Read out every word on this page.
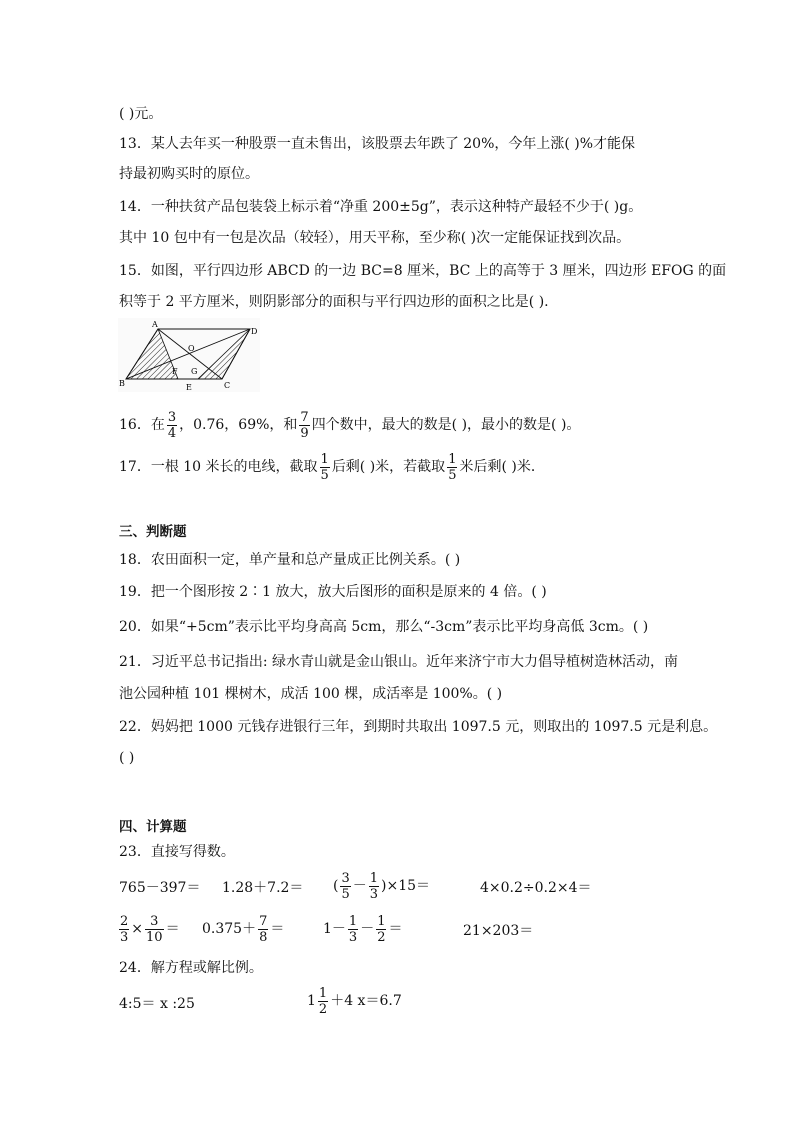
( )元。
13．某人去年买一种股票一直未售出，该股票去年跌了 20%，今年上涨( )%才能保
持最初购买时的原位。
14．一种扶贫产品包装袋上标示着“净重 200±5g”，表示这种特产最轻不少于( )g。
其中 10 包中有一包是次品（较轻），用天平称，至少称( )次一定能保证找到次品。
15．如图，平行四边形 ABCD 的一边 BC=8 厘米，BC 上的高等于 3 厘米，四边形 EFOG 的面
积等于 2 平方厘米，则阴影部分的面积与平行四边形的面积之比是( ).
A
D
O
B
F G
E	C
16．在 $\frac{3}{4}$ ，0.76，69%，和 $\frac{7}{9}$ 四个数中，最大的数是( )，最小的数是( )。
17．一根 10 米长的电线，截取 $\frac{1}{5}$ 后剩( )米，若截取 $\frac{1}{5}$ 米后剩( )米．
三、判断题
18．农田面积一定，单产量和总产量成正比例关系。( )
19．把一个图形按 2∶1 放大，放大后图形的面积是原来的 4 倍。( )
20．如果“+5cm”表示比平均身高高 5cm，那么“-3cm”表示比平均身高低 3cm。( )
21．习近平总书记指出: 绿水青山就是金山银山。近年来济宁市大力倡导植树造林活动，南
池公园种植 101 棵树木，成活 100 棵，成活率是 100%。( )
22．妈妈把 1000 元钱存进银行三年，到期时共取出 1097.5 元，则取出的 1097.5 元是利息。
( )
四、计算题
23．直接写得数。
765－397＝ 1.28＋7.2＝ ( $\frac{3}{5} - \frac{1}{3} )\times 15=$	4×0.2÷0.2×4＝
$\frac{2}{3} \times \frac{3}{10} = 0.375+ \frac{7}{8}$ ＝	$1- \frac{1}{3} - \frac{1}{2}$ ＝	21×203＝
24．解方程或解比例。
4:5＝ x :25	$1 \frac{1}{2} +4$ x＝6.7
